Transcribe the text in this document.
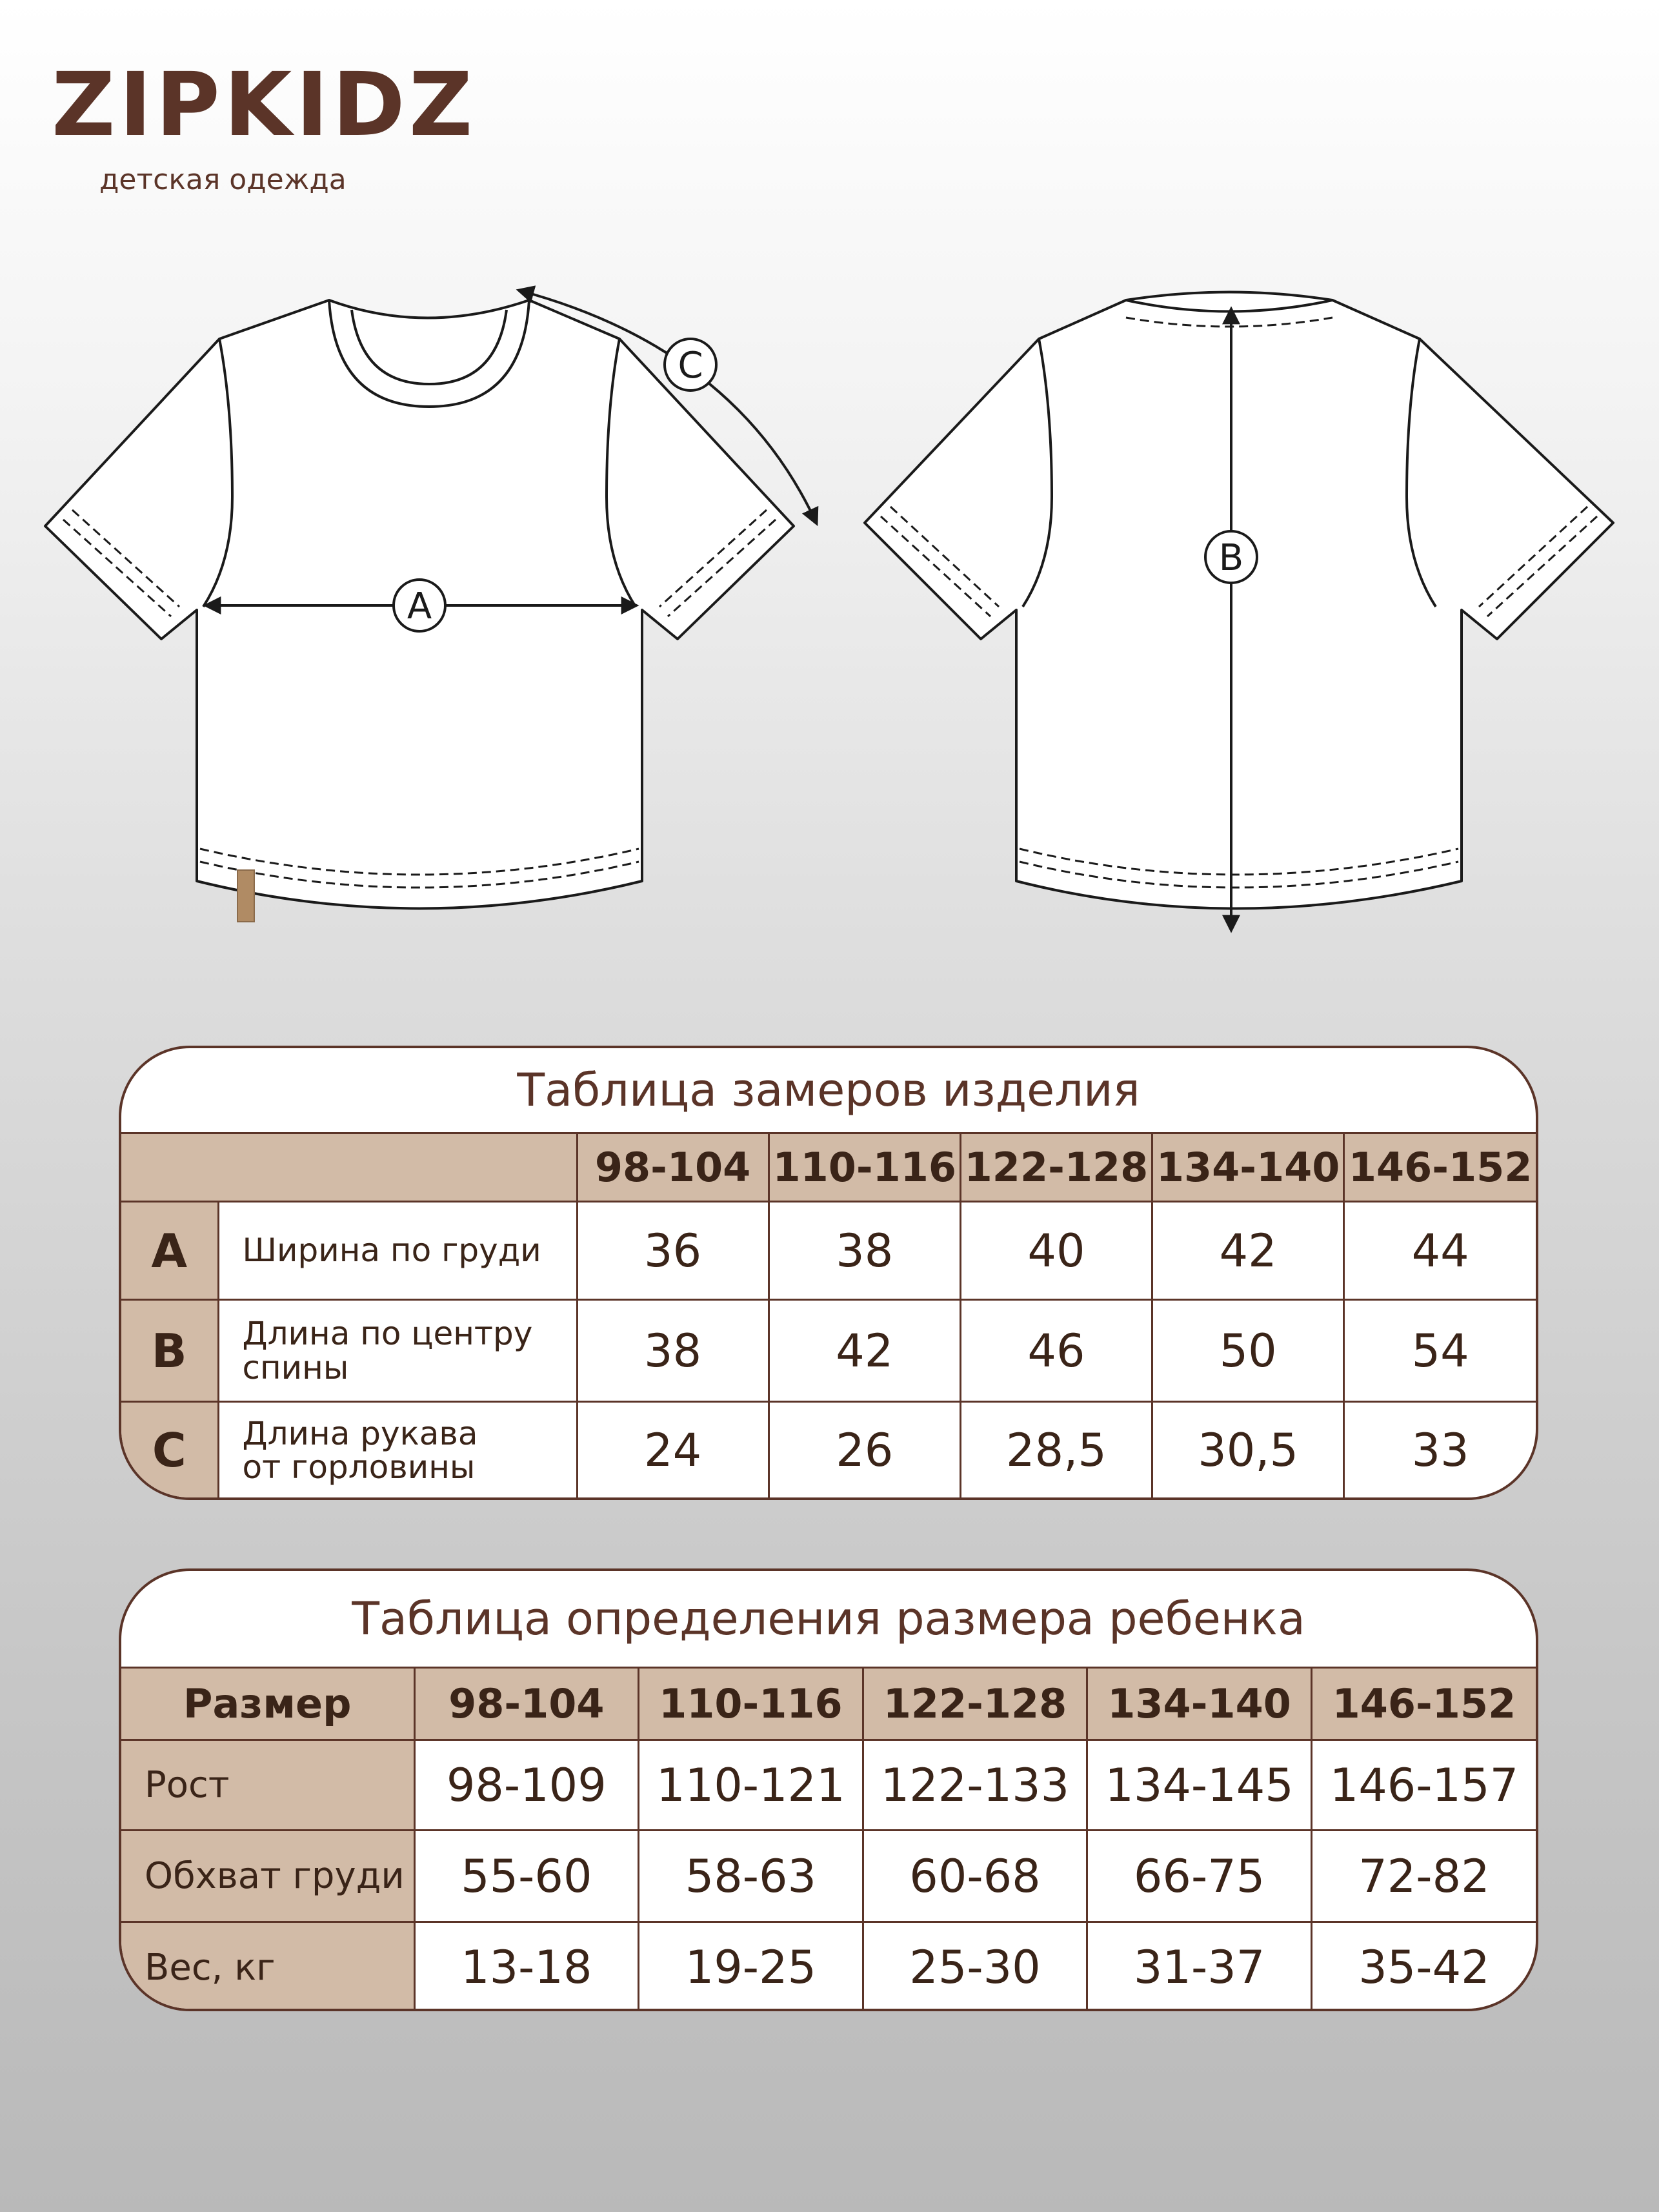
ZIPKIDZ
детская одежда
A
C
B
Таблица замеров изделия
		98-104	110-116	122-128	134-140	146-152
A	Ширина по груди	36	38	40	42	44
B	Длина по центру
спины	38	42	46	50	54
C	Длина рукава
от горловины	24	26	28,5	30,5	33
Таблица определения размера ребенка
Размер	98-104	110-116	122-128	134-140	146-152
Рост	98-109	110-121	122-133	134-145	146-157
Обхват груди	55-60	58-63	60-68	66-75	72-82
Вес, кг	13-18	19-25	25-30	31-37	35-42
